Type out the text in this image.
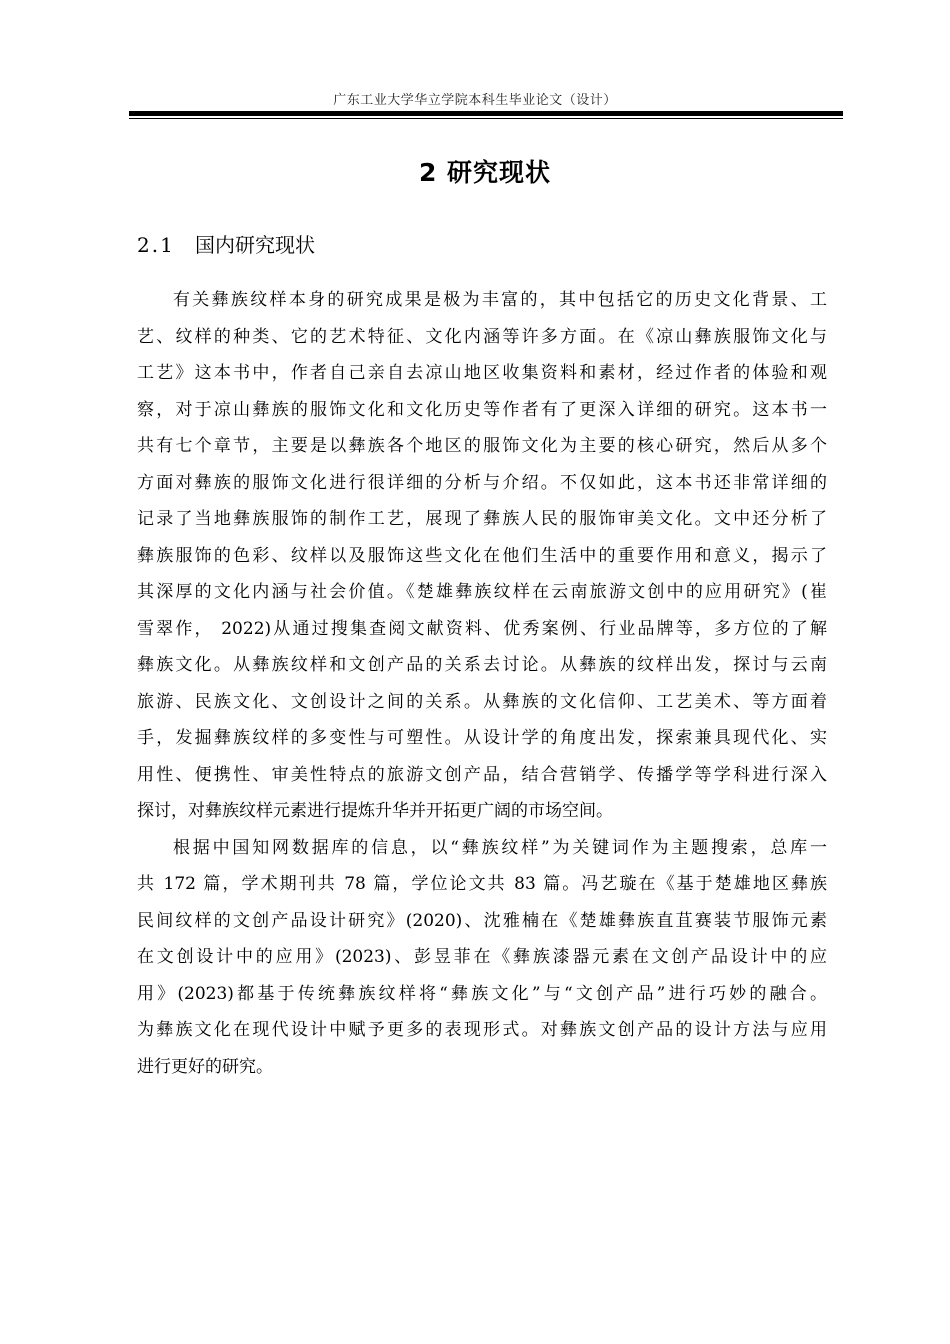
广东工业大学华立学院本科生毕业论文（设计）
2 研究现状
2.1 国内研究现状
有关彝族纹样本身的研究成果是极为丰富的，其中包括它的历史文化背景、工
艺、纹样的种类、它的艺术特征、文化内涵等许多方面。在《凉山彝族服饰文化与
工艺》这本书中，作者自己亲自去凉山地区收集资料和素材，经过作者的体验和观
察，对于凉山彝族的服饰文化和文化历史等作者有了更深入详细的研究。这本书一
共有七个章节，主要是以彝族各个地区的服饰文化为主要的核心研究，然后从多个
方面对彝族的服饰文化进行很详细的分析与介绍。不仅如此，这本书还非常详细的
记录了当地彝族服饰的制作工艺，展现了彝族人民的服饰审美文化。文中还分析了
彝族服饰的色彩、纹样以及服饰这些文化在他们生活中的重要作用和意义，揭示了
其深厚的文化内涵与社会价值。《楚雄彝族纹样在云南旅游文创中的应用研究》(崔
雪翠作， 2022)从通过搜集查阅文献资料、优秀案例、行业品牌等，多方位的了解
彝族文化。从彝族纹样和文创产品的关系去讨论。从彝族的纹样出发，探讨与云南
旅游、民族文化、文创设计之间的关系。从彝族的文化信仰、工艺美术、等方面着
手，发掘彝族纹样的多变性与可塑性。从设计学的角度出发，探索兼具现代化、实
用性、便携性、审美性特点的旅游文创产品，结合营销学、传播学等学科进行深入
探讨，对彝族纹样元素进行提炼升华并开拓更广阔的市场空间。
根据中国知网数据库的信息，以“彝族纹样”为关键词作为主题搜索，总库一
共 172 篇，学术期刊共 78 篇，学位论文共 83 篇。冯艺璇在《基于楚雄地区彝族
民间纹样的文创产品设计研究》(2020)、沈雅楠在《楚雄彝族直苴赛装节服饰元素
在文创设计中的应用》(2023)、彭昱菲在《彝族漆器元素在文创产品设计中的应
用》(2023)都基于传统彝族纹样将“彝族文化”与“文创产品”进行巧妙的融合。
为彝族文化在现代设计中赋予更多的表现形式。对彝族文创产品的设计方法与应用
进行更好的研究。
